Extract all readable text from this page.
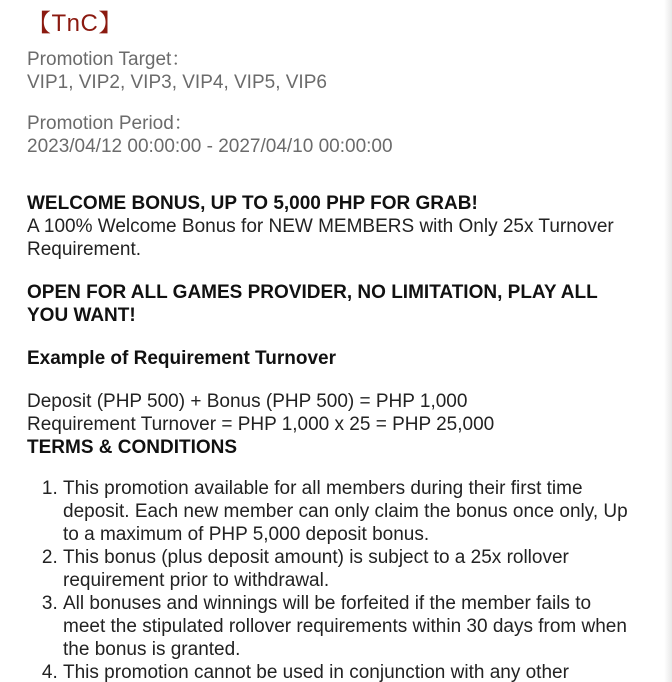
【TnC】

Promotion Target：

VIP1, VIP2, VIP3, VIP4, VIP5, VIP6

Promotion Period：

2023/04/12 00:00:00 - 2027/04/10 00:00:00

WELCOME BONUS, UP TO 5,000 PHP FOR GRAB!

A 100% Welcome Bonus for NEW MEMBERS with Only 25x Turnover Requirement.

OPEN FOR ALL GAMES PROVIDER, NO LIMITATION, PLAY ALL YOU WANT!

Example of Requirement Turnover

Deposit (PHP 500) + Bonus (PHP 500) = PHP 1,000

Requirement Turnover = PHP 1,000 x 25 = PHP 25,000

TERMS & CONDITIONS

1. This promotion available for all members during their first time deposit. Each new member can only claim the bonus once only, Up to a maximum of PHP 5,000 deposit bonus.
2. This bonus (plus deposit amount) is subject to a 25x rollover requirement prior to withdrawal.
3. All bonuses and winnings will be forfeited if the member fails to meet the stipulated rollover requirements within 30 days from when the bonus is granted.
4. This promotion cannot be used in conjunction with any other
